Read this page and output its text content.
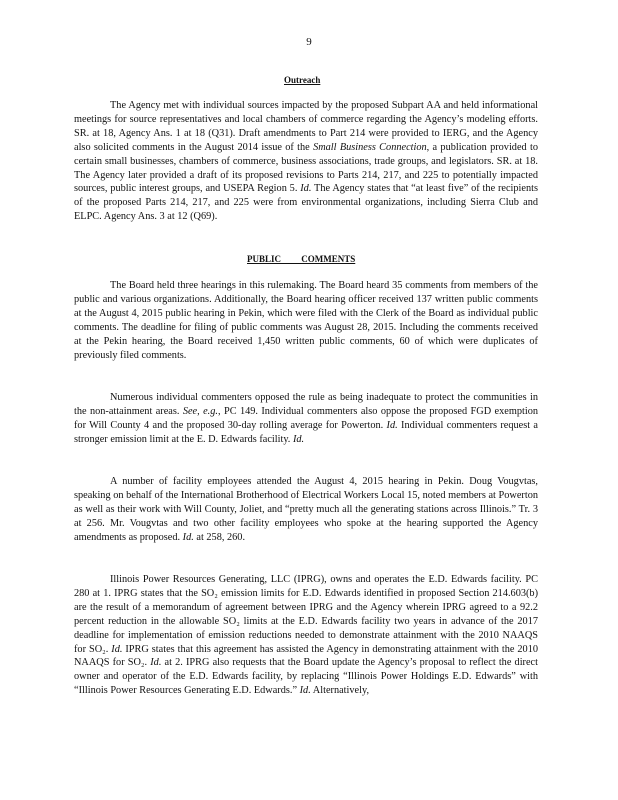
9
Outreach

The Agency met with individual sources impacted by the proposed Subpart AA and held informational meetings for source representatives and local chambers of commerce regarding the Agency’s modeling efforts. SR. at 18, Agency Ans. 1 at 18 (Q31). Draft amendments to Part 214 were provided to IERG, and the Agency also solicited comments in the August 2014 issue of the Small Business Connection, a publication provided to certain small businesses, chambers of commerce, business associations, trade groups, and legislators. SR. at 18. The Agency later provided a draft of its proposed revisions to Parts 214, 217, and 225 to potentially impacted sources, public interest groups, and USEPA Region 5. Id. The Agency states that “at least five” of the recipients of the proposed Parts 214, 217, and 225 were from environmental organizations, including Sierra Club and ELPC. Agency Ans. 3 at 12 (Q69).

PUBLIC COMMENTS

The Board held three hearings in this rulemaking. The Board heard 35 comments from members of the public and various organizations. Additionally, the Board hearing officer received 137 written public comments at the August 4, 2015 public hearing in Pekin, which were filed with the Clerk of the Board as individual public comments. The deadline for filing of public comments was August 28, 2015. Including the comments received at the Pekin hearing, the Board received 1,450 written public comments, 60 of which were duplicates of previously filed comments.

Numerous individual commenters opposed the rule as being inadequate to protect the communities in the non-attainment areas. See, e.g., PC 149. Individual commenters also oppose the proposed FGD exemption for Will County 4 and the proposed 30-day rolling average for Powerton. Id. Individual commenters request a stronger emission limit at the E. D. Edwards facility. Id.

A number of facility employees attended the August 4, 2015 hearing in Pekin. Doug Vougvtas, speaking on behalf of the International Brotherhood of Electrical Workers Local 15, noted members at Powerton as well as their work with Will County, Joliet, and “pretty much all the generating stations across Illinois.” Tr. 3 at 256. Mr. Vougvtas and two other facility employees who spoke at the hearing supported the Agency amendments as proposed. Id. at 258, 260.

Illinois Power Resources Generating, LLC (IPRG), owns and operates the E.D. Edwards facility. PC 280 at 1. IPRG states that the SO₂ emission limits for E.D. Edwards identified in proposed Section 214.603(b) are the result of a memorandum of agreement between IPRG and the Agency wherein IPRG agreed to a 92.2 percent reduction in the allowable SO₂ limits at the E.D. Edwards facility two years in advance of the 2017 deadline for implementation of emission reductions needed to demonstrate attainment with the 2010 NAAQS for SO₂. Id. IPRG states that this agreement has assisted the Agency in demonstrating attainment with the 2010 NAAQS for SO₂. Id. at 2. IPRG also requests that the Board update the Agency’s proposal to reflect the direct owner and operator of the E.D. Edwards facility, by replacing “Illinois Power Holdings E.D. Edwards” with “Illinois Power Resources Generating E.D. Edwards.” Id. Alternatively,
